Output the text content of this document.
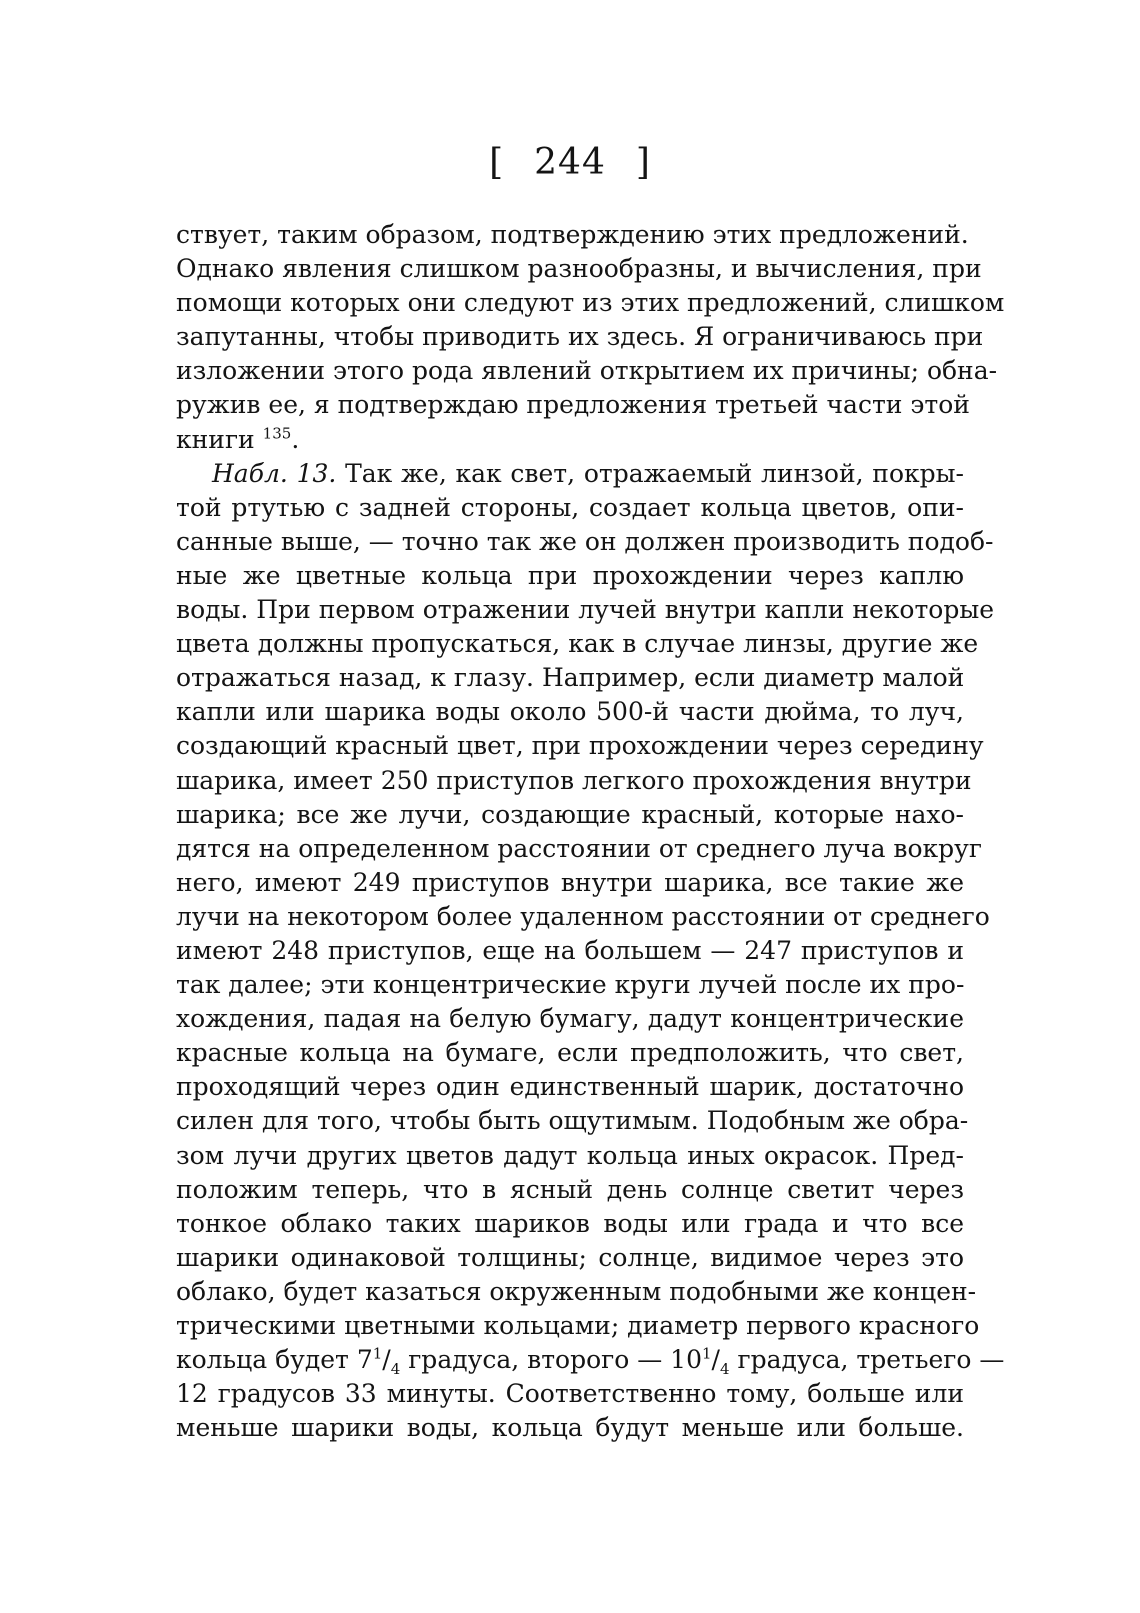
[ 244 ]
ствует, таким образом, подтверждению этих предложений.
Однако явления слишком разнообразны, и вычисления, при
помощи которых они следуют из этих предложений, слишком
запутанны, чтобы приводить их здесь. Я ограничиваюсь при
изложении этого рода явлений открытием их причины; обна-
ружив ее, я подтверждаю предложения третьей части этой
книги $^{135}$.
Набл. 13. Так же, как свет, отражаемый линзой, покры-
той ртутью с задней стороны, создает кольца цветов, опи-
санные выше, — точно так же он должен производить подоб-
ные же цветные кольца при прохождении через каплю
воды. При первом отражении лучей внутри капли некоторые
цвета должны пропускаться, как в случае линзы, другие же
отражаться назад, к глазу. Например, если диаметр малой
капли или шарика воды около 500-й части дюйма, то луч,
создающий красный цвет, при прохождении через середину
шарика, имеет 250 приступов легкого прохождения внутри
шарика; все же лучи, создающие красный, которые нахо-
дятся на определенном расстоянии от среднего луча вокруг
него, имеют 249 приступов внутри шарика, все такие же
лучи на некотором более удаленном расстоянии от среднего
имеют 248 приступов, еще на большем — 247 приступов и
так далее; эти концентрические круги лучей после их про-
хождения, падая на белую бумагу, дадут концентрические
красные кольца на бумаге, если предположить, что свет,
проходящий через один единственный шарик, достаточно
силен для того, чтобы быть ощутимым. Подобным же обра-
зом лучи других цветов дадут кольца иных окрасок. Пред-
положим теперь, что в ясный день солнце светит через
тонкое облако таких шариков воды или града и что все
шарики одинаковой толщины; солнце, видимое через это
облако, будет казаться окруженным подобными же концен-
трическими цветными кольцами; диаметр первого красного
кольца будет $7^1/_4$ градуса, второго — $10^1/_4$ градуса, третьего —
12 градусов 33 минуты. Соответственно тому, больше или
меньше шарики воды, кольца будут меньше или больше.
